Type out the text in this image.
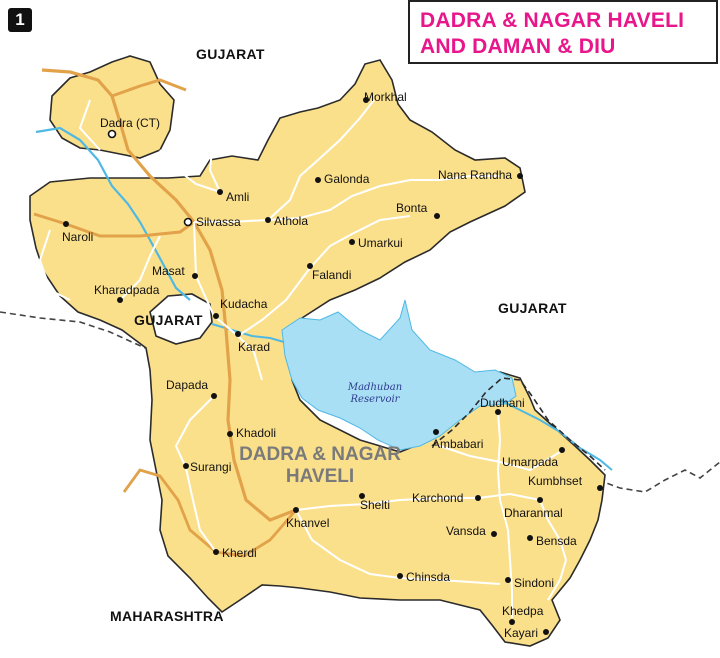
1	DADRA & NAGAR HAVELI
AND DAMAN & DIU
GUJARAT
GUJARAT
GUJARAT
MAHARASHTRA
DADRA & NAGAR
HAVELI
Madhuban
Reservoir
Dadra (CT)
Morkhal
Galonda	Nana Randha
Amli
Silvassa	Athola
Bonta
Naroli	Umarkui
Falandi
Masat
Kharadpada
Kudacha
Karad
Dapada
Dudhani
Khadoli
Ambabari
Umarpada
Surangi
Kumbhset
Shelti Karchond
Dharanmal
Khanvel
Vansda
Bensda
Kherdi
Chinsda	Sindoni
Khedpa
Kayari
